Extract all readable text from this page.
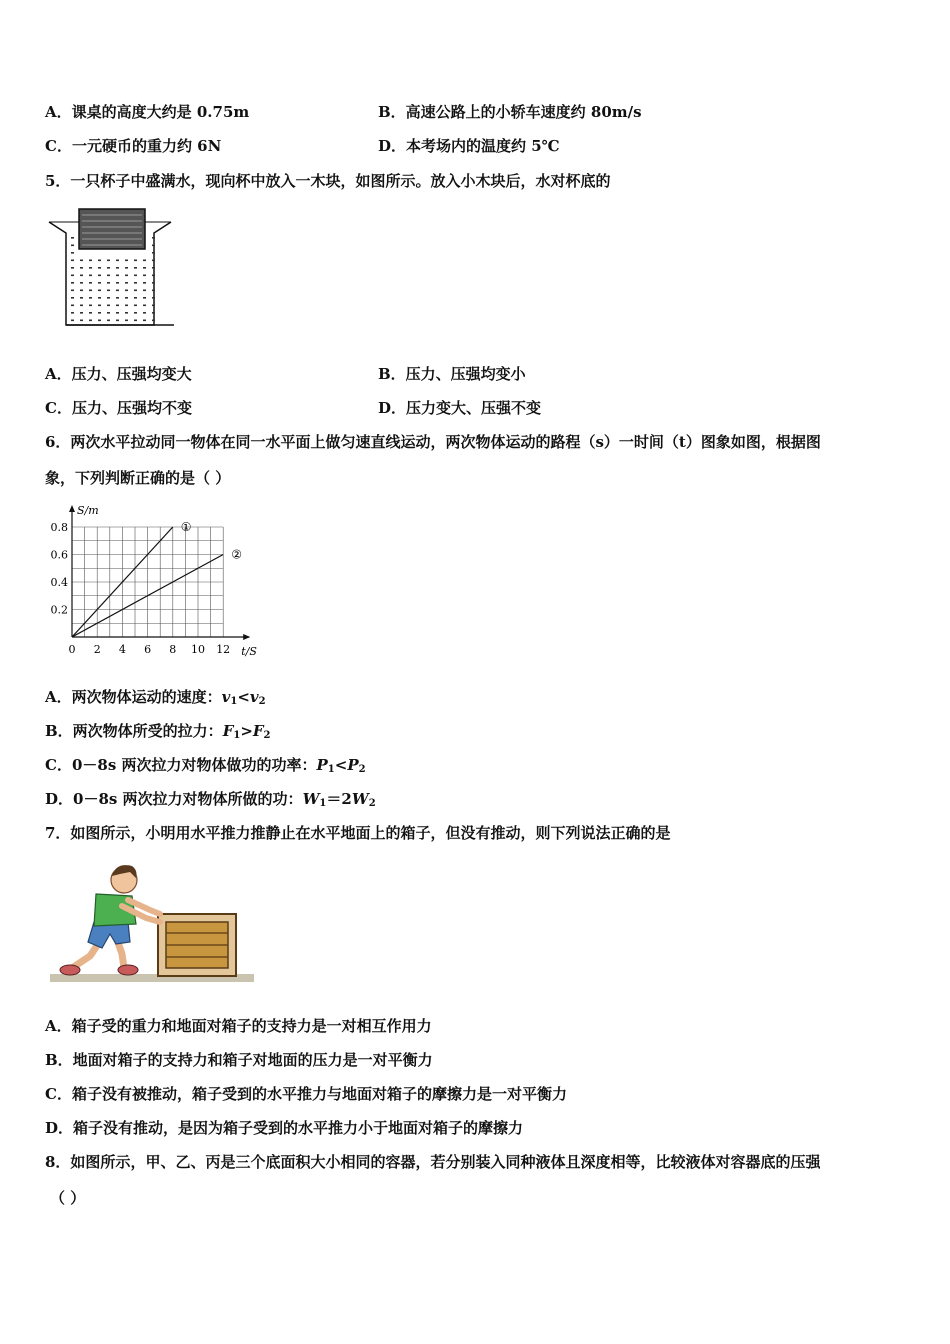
A．课桌的高度大约是 0.75m	B．高速公路上的小轿车速度约 80m/s
C．一元硬币的重力约 6N	D．本考场内的温度约 5℃
5．一只杯子中盛满水，现向杯中放入一木块，如图所示。放入小木块后，水对杯底的
A．压力、压强均变大	B．压力、压强均变小
C．压力、压强均不变	D．压力变大、压强不变
6．两次水平拉动同一物体在同一水平面上做匀速直线运动，两次物体运动的路程（s）一时间（t）图象如图，根据图
象，下列判断正确的是（ ）
0 2 4 6 8 10 12
0.2
0.4
0.6
0.8	①
②
S/m
t/S
A．两次物体运动的速度：$v_1<v_2$
B．两次物体所受的拉力：$F_1>F_2$
C．0－8s 两次拉力对物体做功的功率：$P_1<P_2$
D．0－8s 两次拉力对物体所做的功：$W_1=2W_2$
7．如图所示，小明用水平推力推静止在水平地面上的箱子，但没有推动，则下列说法正确的是
A．箱子受的重力和地面对箱子的支持力是一对相互作用力
B．地面对箱子的支持力和箱子对地面的压力是一对平衡力
C．箱子没有被推动，箱子受到的水平推力与地面对箱子的摩擦力是一对平衡力
D．箱子没有推动，是因为箱子受到的水平推力小于地面对箱子的摩擦力
8．如图所示，甲、乙、丙是三个底面积大小相同的容器，若分别装入同种液体且深度相等，比较液体对容器底的压强
（ ）
